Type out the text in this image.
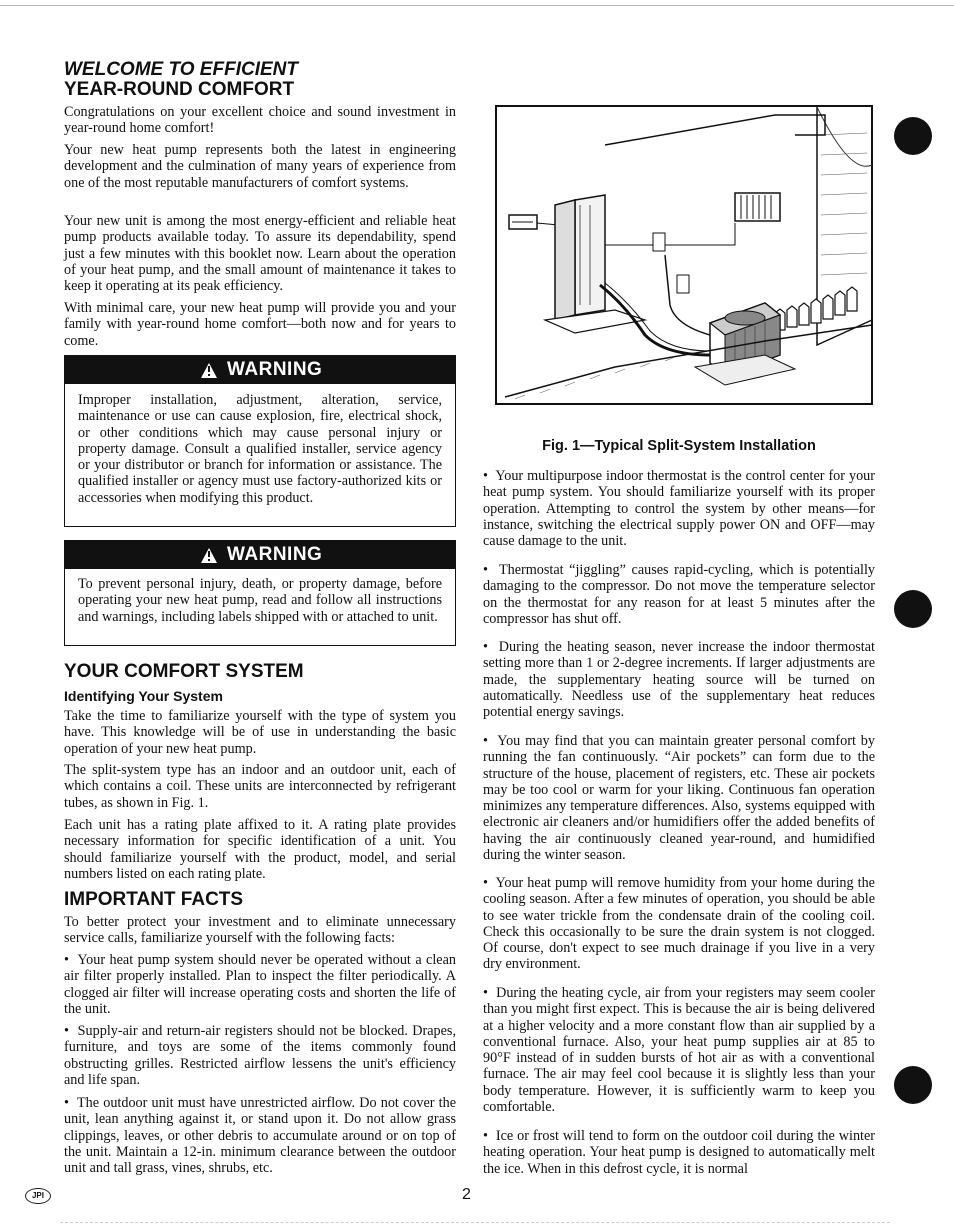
WELCOME TO EFFICIENT
YEAR-ROUND COMFORT

Congratulations on your excellent choice and sound investment in year-round home comfort!

Your new heat pump represents both the latest in engineering development and the culmination of many years of experience from one of the most reputable manufacturers of comfort systems.

Your new unit is among the most energy-efficient and reliable heat pump products available today. To assure its dependability, spend just a few minutes with this booklet now. Learn about the operation of your heat pump, and the small amount of maintenance it takes to keep it operating at its peak efficiency.

With minimal care, your new heat pump will provide you and your family with year-round home comfort—both now and for years to come.

WARNING

Improper installation, adjustment, alteration, service, maintenance or use can cause explosion, fire, electrical shock, or other conditions which may cause personal injury or property damage. Consult a qualified installer, service agency or your distributor or branch for information or assistance. The qualified installer or agency must use factory-authorized kits or accessories when modifying this product.

WARNING

To prevent personal injury, death, or property damage, before operating your new heat pump, read and follow all instructions and warnings, including labels shipped with or attached to unit.

YOUR COMFORT SYSTEM
Identifying Your System

Take the time to familiarize yourself with the type of system you have. This knowledge will be of use in understanding the basic operation of your new heat pump.

The split-system type has an indoor and an outdoor unit, each of which contains a coil. These units are interconnected by refrigerant tubes, as shown in Fig. 1.

Each unit has a rating plate affixed to it. A rating plate provides necessary information for specific identification of a unit. You should familiarize yourself with the product, model, and serial numbers listed on each rating plate.

IMPORTANT FACTS

To better protect your investment and to eliminate unnecessary service calls, familiarize yourself with the following facts:

• Your heat pump system should never be operated without a clean air filter properly installed. Plan to inspect the filter periodically. A clogged air filter will increase operating costs and shorten the life of the unit.

• Supply-air and return-air registers should not be blocked. Drapes, furniture, and toys are some of the items commonly found obstructing grilles. Restricted airflow lessens the unit's efficiency and life span.

• The outdoor unit must have unrestricted airflow. Do not cover the unit, lean anything against it, or stand upon it. Do not allow grass clippings, leaves, or other debris to accumulate around or on top of the unit. Maintain a 12-in. minimum clearance between the outdoor unit and tall grass, vines, shrubs, etc.

Fig. 1—Typical Split-System Installation

• Your multipurpose indoor thermostat is the control center for your heat pump system. You should familiarize yourself with its proper operation. Attempting to control the system by other means—for instance, switching the electrical supply power ON and OFF—may cause damage to the unit.

• Thermostat “jiggling” causes rapid-cycling, which is potentially damaging to the compressor. Do not move the temperature selector on the thermostat for any reason for at least 5 minutes after the compressor has shut off.

• During the heating season, never increase the indoor thermostat setting more than 1 or 2-degree increments. If larger adjustments are made, the supplementary heating source will be turned on automatically. Needless use of the supplementary heat reduces potential energy savings.

• You may find that you can maintain greater personal comfort by running the fan continuously. “Air pockets” can form due to the structure of the house, placement of registers, etc. These air pockets may be too cool or warm for your liking. Continuous fan operation minimizes any temperature differences. Also, systems equipped with electronic air cleaners and/or humidifiers offer the added benefits of having the air continuously cleaned year-round, and humidified during the winter season.

• Your heat pump will remove humidity from your home during the cooling season. After a few minutes of operation, you should be able to see water trickle from the condensate drain of the cooling coil. Check this occasionally to be sure the drain system is not clogged. Of course, don't expect to see much drainage if you live in a very dry environment.

• During the heating cycle, air from your registers may seem cooler than you might first expect. This is because the air is being delivered at a higher velocity and a more constant flow than air supplied by a conventional furnace. Also, your heat pump supplies air at 85 to 90°F instead of in sudden bursts of hot air as with a conventional furnace. The air may feel cool because it is slightly less than your body temperature. However, it is sufficiently warm to keep you comfortable.

• Ice or frost will tend to form on the outdoor coil during the winter heating operation. Your heat pump is designed to automatically melt the ice. When in this defrost cycle, it is normal

JPI	2
